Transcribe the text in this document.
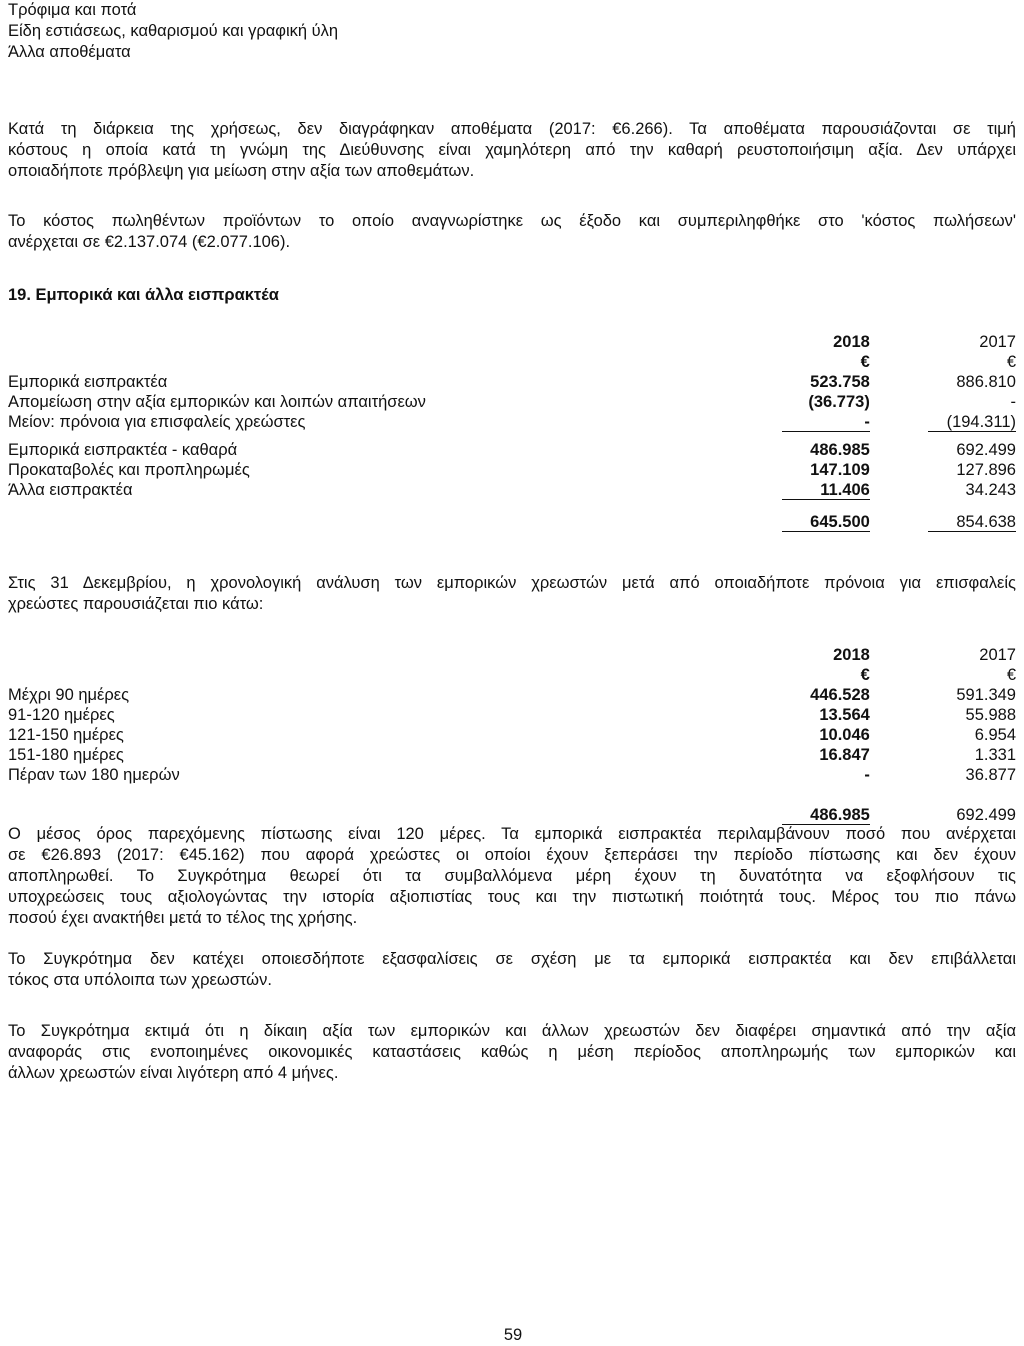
Τρόφιμα και ποτά
Είδη εστιάσεως, καθαρισμού και γραφική ύλη
Άλλα αποθέματα
Κατά τη διάρκεια της χρήσεως, δεν διαγράφηκαν αποθέματα (2017: €6.266). Τα αποθέματα παρουσιάζονται σε τιμή
κόστους η οποία κατά τη γνώμη της Διεύθυνσης είναι χαμηλότερη από την καθαρή ρευστοποιήσιμη αξία. Δεν υπάρχει
οποιαδήποτε πρόβλεψη για μείωση στην αξία των αποθεμάτων.
Το κόστος πωληθέντων προϊόντων το οποίο αναγνωρίστηκε ως έξοδο και συμπεριληφθήκε στο 'κόστος πωλήσεων'
ανέρχεται σε €2.137.074 (€2.077.106).
19. Εμπορικά και άλλα εισπρακτέα
	2018	2017
	€	€
Εμπορικά εισπρακτέα	523.758	886.810
Απομείωση στην αξία εμπορικών και λοιπών απαιτήσεων	(36.773)	-
Μείον: πρόνοια για επισφαλείς χρεώστες	-	(194.311)

Εμπορικά εισπρακτέα - καθαρά	486.985	692.499
Προκαταβολές και προπληρωμές	147.109	127.896
Άλλα εισπρακτέα	11.406	34.243

	645.500	854.638
Στις 31 Δεκεμβρίου, η χρονολογική ανάλυση των εμπορικών χρεωστών μετά από οποιαδήποτε πρόνοια για επισφαλείς
χρεώστες παρουσιάζεται πιο κάτω:
	2018	2017
	€	€
Μέχρι 90 ημέρες	446.528	591.349
91-120 ημέρες	13.564	55.988
121-150 ημέρες	10.046	6.954
151-180 ημέρες	16.847	1.331
Πέραν των 180 ημερών	-	36.877

	486.985	692.499
Ο μέσος όρος παρεχόμενης πίστωσης είναι 120 μέρες. Τα εμπορικά εισπρακτέα περιλαμβάνουν ποσό που ανέρχεται
σε €26.893 (2017: €45.162) που αφορά χρεώστες οι οποίοι έχουν ξεπεράσει την περίοδο πίστωσης και δεν έχουν
αποπληρωθεί. Το Συγκρότημα θεωρεί ότι τα συμβαλλόμενα μέρη έχουν τη δυνατότητα να εξοφλήσουν τις
υποχρεώσεις τους αξιολογώντας την ιστορία αξιοπιστίας τους και την πιστωτική ποιότητά τους. Μέρος του πιο πάνω
ποσού έχει ανακτήθει μετά το τέλος της χρήσης.
Το Συγκρότημα δεν κατέχει οποιεσδήποτε εξασφαλίσεις σε σχέση με τα εμπορικά εισπρακτέα και δεν επιβάλλεται
τόκος στα υπόλοιπα των χρεωστών.
Το Συγκρότημα εκτιμά ότι η δίκαιη αξία των εμπορικών και άλλων χρεωστών δεν διαφέρει σημαντικά από την αξία
αναφοράς στις ενοποιημένες οικονομικές καταστάσεις καθώς η μέση περίοδος αποπληρωμής των εμπορικών και
άλλων χρεωστών είναι λιγότερη από 4 μήνες.
59
